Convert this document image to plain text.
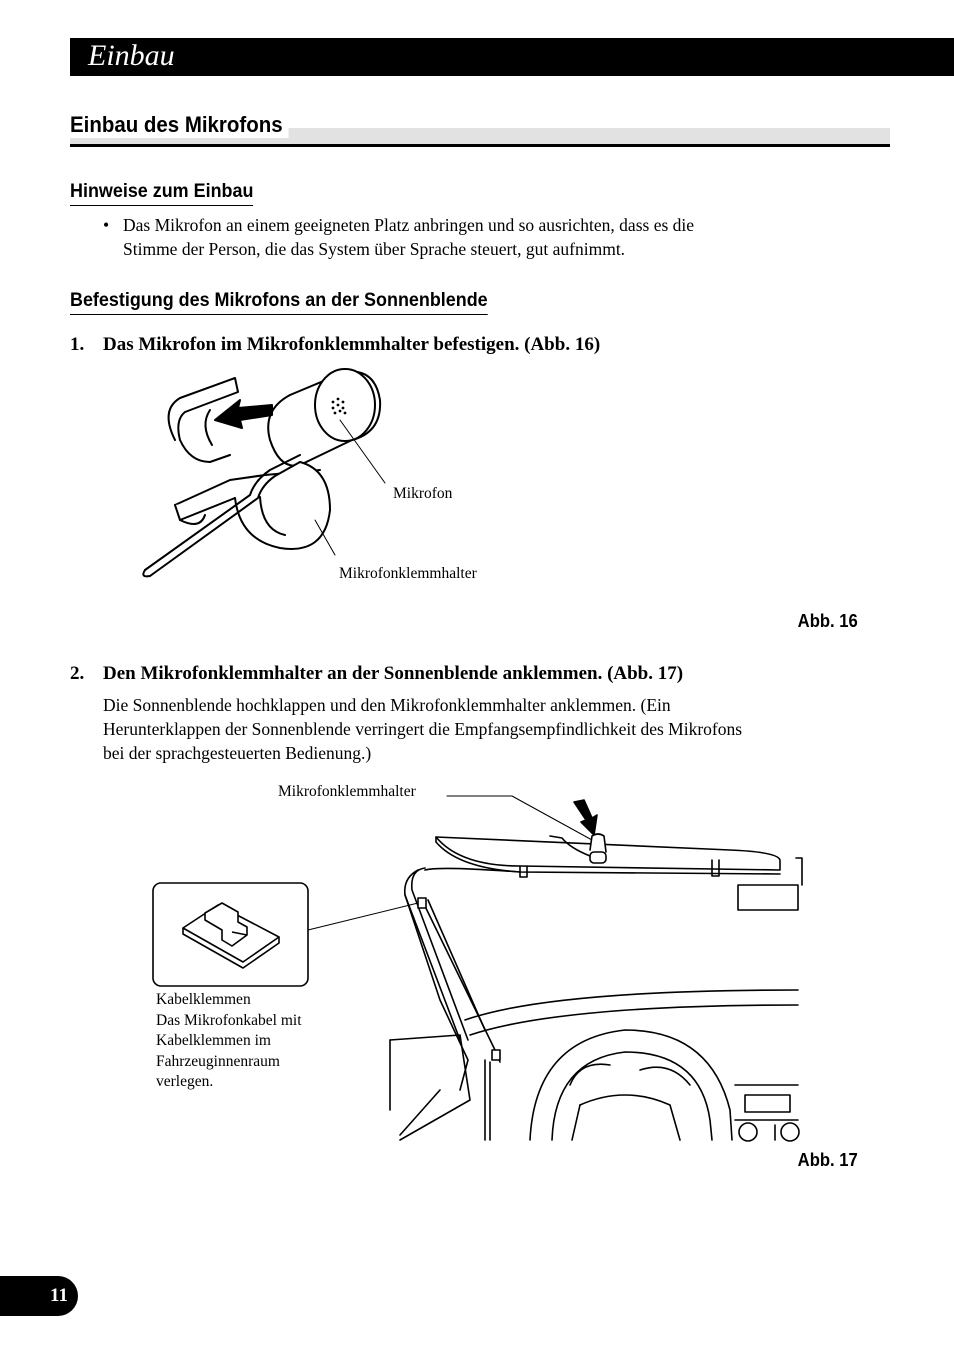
Einbau
Einbau des Mikrofons
Hinweise zum Einbau
• Das Mikrofon an einem geeigneten Platz anbringen und so ausrichten, dass es die
Stimme der Person, die das System über Sprache steuert, gut aufnimmt.
Befestigung des Mikrofons an der Sonnenblende
1. Das Mikrofon im Mikrofonklemmhalter befestigen. (Abb. 16)
Mikrofon
Mikrofonklemmhalter
Abb. 16
2. Den Mikrofonklemmhalter an der Sonnenblende anklemmen. (Abb. 17)
Die Sonnenblende hochklappen und den Mikrofonklemmhalter anklemmen. (Ein
Herunterklappen der Sonnenblende verringert die Empfangsempfindlichkeit des Mikrofons
bei der sprachgesteuerten Bedienung.)
Mikrofonklemmhalter
Kabelklemmen
Das Mikrofonkabel mit
Kabelklemmen im
Fahrzeuginnenraum
verlegen.
Abb. 17
11
